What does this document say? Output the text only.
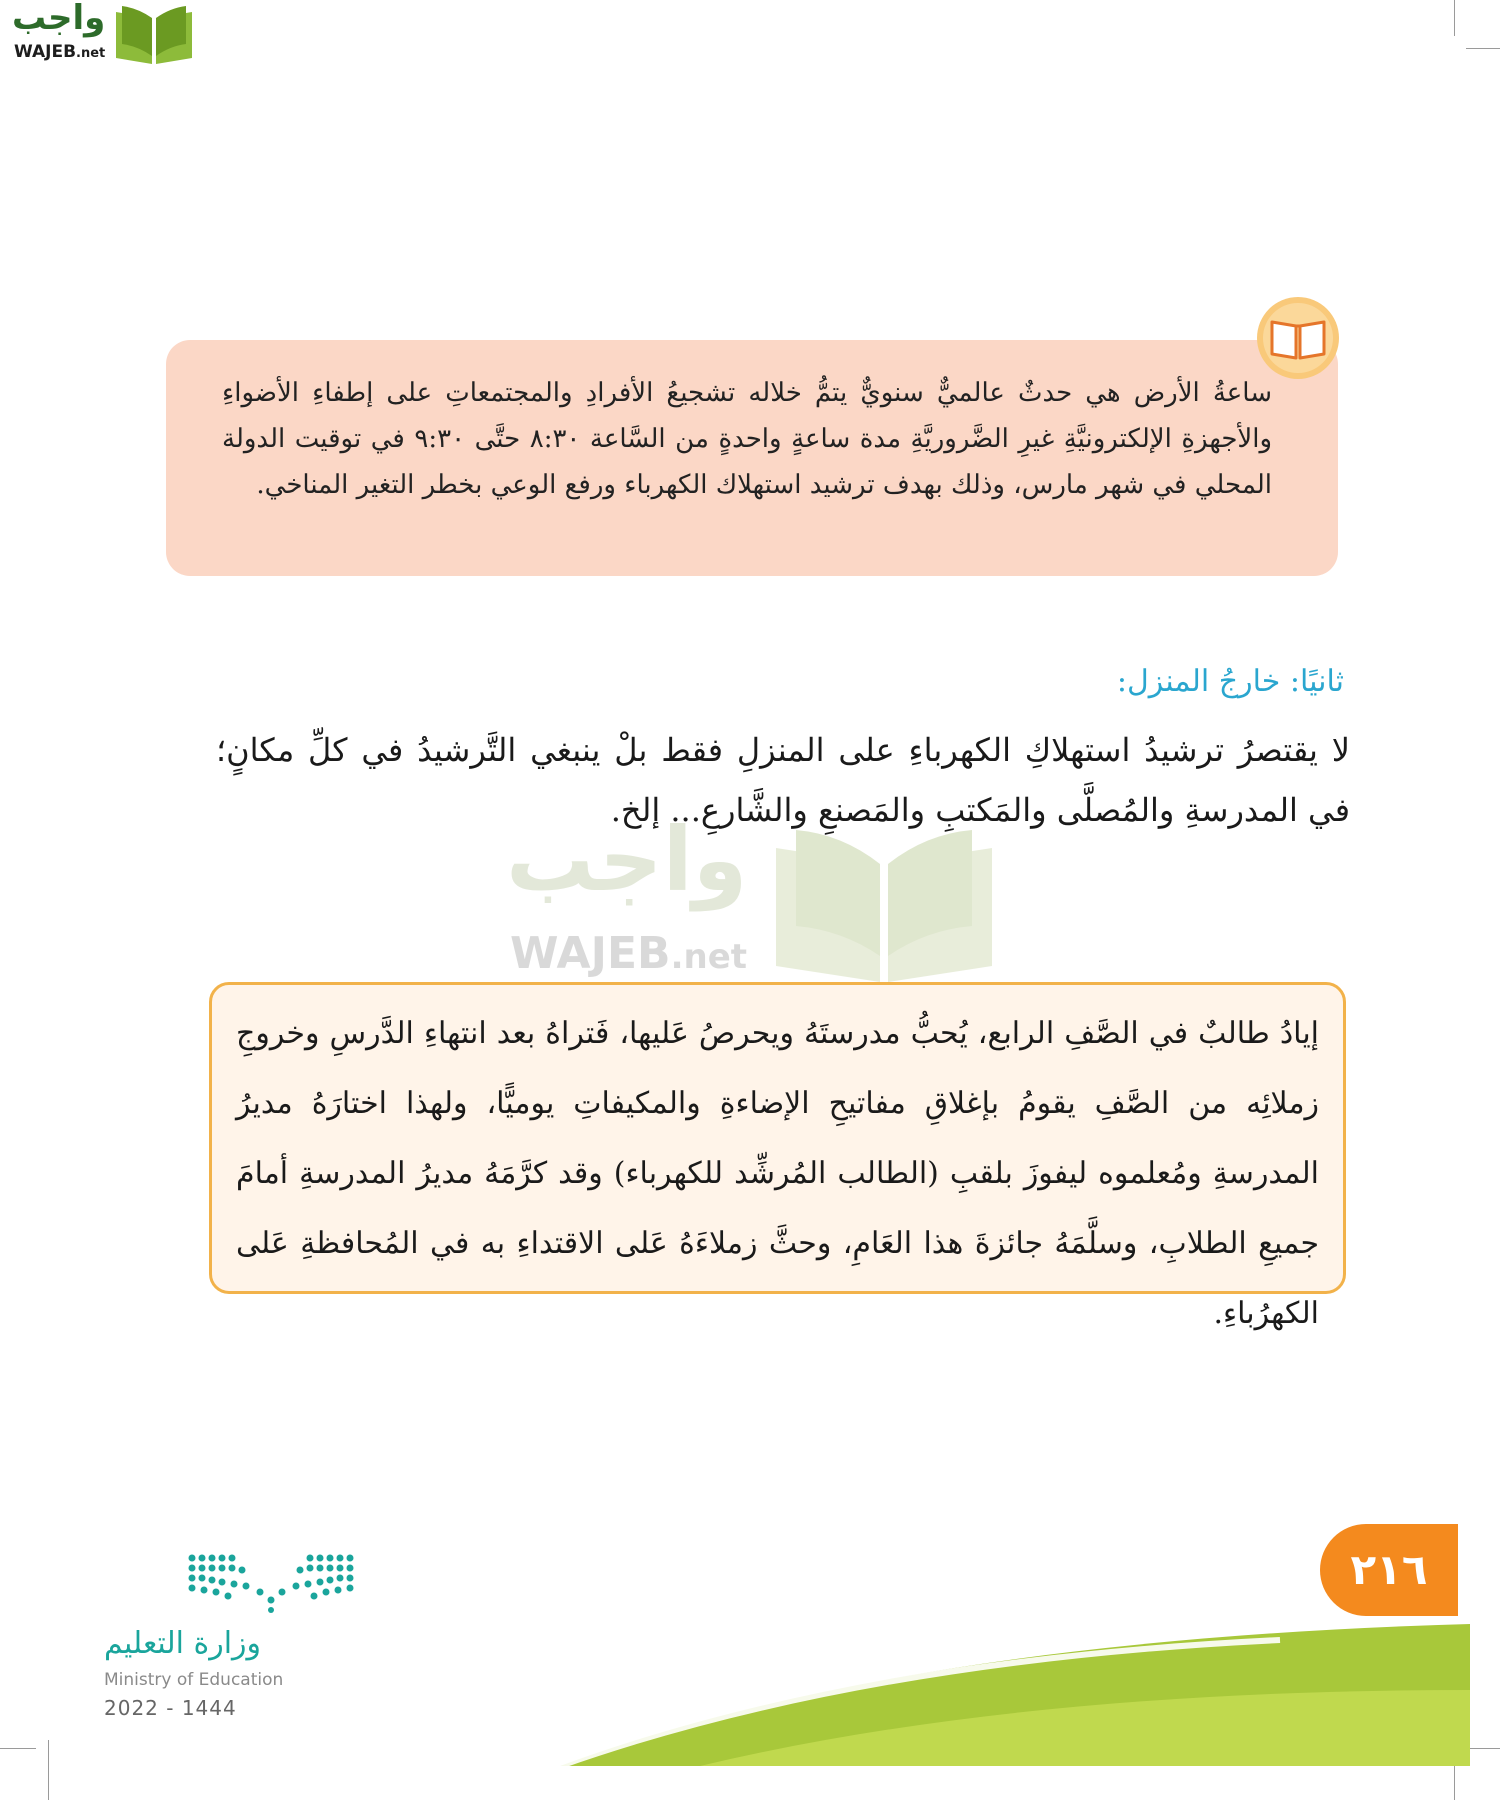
واجب
WAJEB.net

ساعةُ الأرض هي حدثٌ عالميٌّ سنويٌّ يتمُّ خلاله تشجيعُ الأفرادِ والمجتمعاتِ على إطفاءِ الأضواءِ والأجهزةِ الإلكترونيَّةِ غيرِ الضَّروريَّةِ مدة ساعةٍ واحدةٍ من السَّاعة ٨:٣٠ حتَّى ٩:٣٠ في توقيت الدولة المحلي في شهر مارس، وذلك بهدف ترشيد استهلاك الكهرباء ورفع الوعي بخطر التغير المناخي.

ثانيًا: خارجُ المنزل:

لا يقتصرُ ترشيدُ استهلاكِ الكهرباءِ على المنزلِ فقط بلْ ينبغي التَّرشيدُ في كلِّ مكانٍ؛ في المدرسةِ والمُصلَّى والمَكتبِ والمَصنعِ والشَّارعِ... إلخ.

واجب
WAJEB.net

إيادُ طالبٌ في الصَّفِ الرابع، يُحبُّ مدرستَهُ ويحرصُ عَليها، فَتراهُ بعد انتهاءِ الدَّرسِ وخروجِ زملائِه من الصَّفِ يقومُ بإغلاقِ مفاتيحِ الإضاءةِ والمكيفاتِ يوميًّا، ولهذا اختارَهُ مديرُ المدرسةِ ومُعلموه ليفوزَ بلقبِ (الطالب المُرشِّد للكهرباء) وقد كرَّمَهُ مديرُ المدرسةِ أمامَ جميعِ الطلابِ، وسلَّمَهُ جائزةَ هذا العَامِ، وحثَّ زملاءَهُ عَلى الاقتداءِ به في المُحافظةِ عَلى الكهرُباءِ.

٢١٦
وزارة التعليم
Ministry of Education
2022 - 1444
